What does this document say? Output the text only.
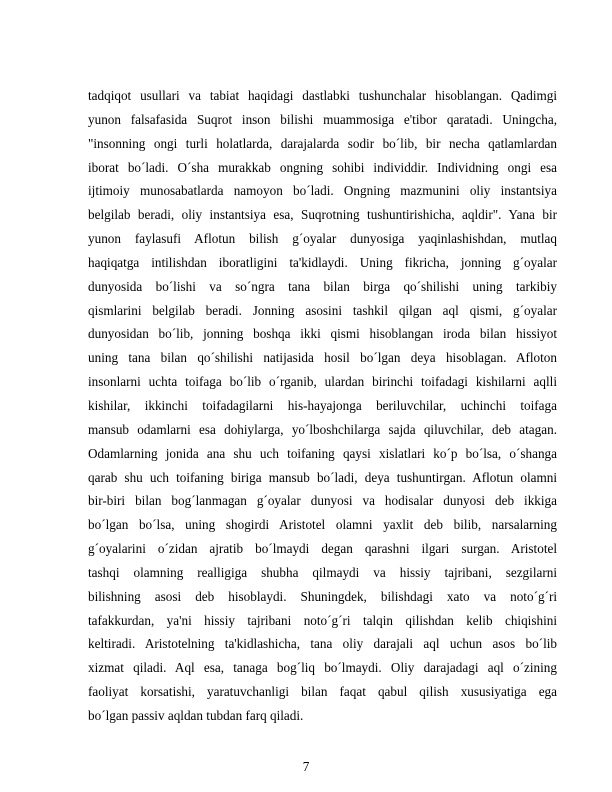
tadqiqot usullari va tabiat haqidagi dastlabki tushunchalar hisoblangan. Qadimgi
yunon falsafasida Suqrot inson bilishi muammosiga e'tibor qaratadi. Uningcha,
"insonning ongi turli holatlarda, darajalarda sodir bo´lib, bir necha qatlamlardan
iborat bo´ladi. O´sha murakkab ongning sohibi individdir. Individning ongi esa
ijtimoiy munosabatlarda namoyon bo´ladi. Ongning mazmunini oliy instantsiya
belgilab beradi, oliy instantsiya esa, Suqrotning tushuntirishicha, aqldir". Yana bir
yunon faylasufi Aflotun bilish g´oyalar dunyosiga yaqinlashishdan, mutlaq
haqiqatga intilishdan iboratligini ta'kidlaydi. Uning fikricha, jonning g´oyalar
dunyosida bo´lishi va so´ngra tana bilan birga qo´shilishi uning tarkibiy
qismlarini belgilab beradi. Jonning asosini tashkil qilgan aql qismi, g´oyalar
dunyosidan bo´lib, jonning boshqa ikki qismi hisoblangan iroda bilan hissiyot
uning tana bilan qo´shilishi natijasida hosil bo´lgan deya hisoblagan. Afloton
insonlarni uchta toifaga bo´lib o´rganib, ulardan birinchi toifadagi kishilarni aqlli
kishilar, ikkinchi toifadagilarni his-hayajonga beriluvchilar, uchinchi toifaga
mansub odamlarni esa dohiylarga, yo´lboshchilarga sajda qiluvchilar, deb atagan.
Odamlarning jonida ana shu uch toifaning qaysi xislatlari ko´p bo´lsa, o´shanga
qarab shu uch toifaning biriga mansub bo´ladi, deya tushuntirgan. Aflotun olamni
bir-biri bilan bog´lanmagan g´oyalar dunyosi va hodisalar dunyosi deb ikkiga
bo´lgan bo´lsa, uning shogirdi Aristotel olamni yaxlit deb bilib, narsalarning
g´oyalarini o´zidan ajratib bo´lmaydi degan qarashni ilgari surgan. Aristotel
tashqi olamning realligiga shubha qilmaydi va hissiy tajribani, sezgilarni
bilishning asosi deb hisoblaydi. Shuningdek, bilishdagi xato va noto´g´ri
tafakkurdan, ya'ni hissiy tajribani noto´g´ri talqin qilishdan kelib chiqishini
keltiradi. Aristotelning ta'kidlashicha, tana oliy darajali aql uchun asos bo´lib
xizmat qiladi. Aql esa, tanaga bog´liq bo´lmaydi. Oliy darajadagi aql o´zining
faoliyat korsatishi, yaratuvchanligi bilan faqat qabul qilish xususiyatiga ega
bo´lgan passiv aqldan tubdan farq qiladi.
7
